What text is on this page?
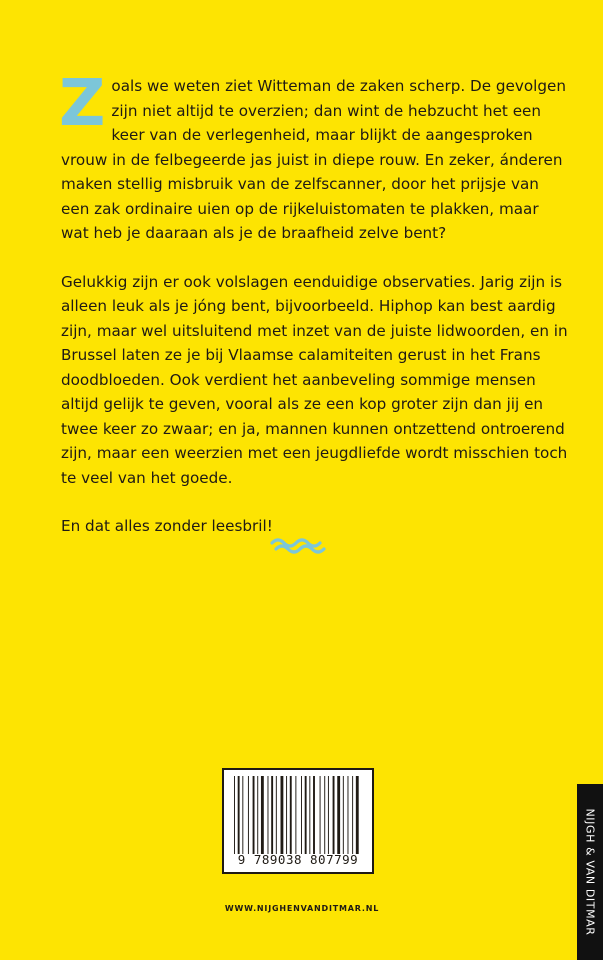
Zoals we weten ziet Witteman de zaken scherp. De gevolgen zijn niet altijd te overzien; dan wint de hebzucht het een keer van de verlegenheid, maar blijkt de aangesproken vrouw in de felbegeerde jas juist in diepe rouw. En zeker, ánderen maken stellig misbruik van de zelfscanner, door het prijsje van een zak ordinaire uien op de rijkeluistomaten te plakken, maar wat heb je daaraan als je de braafheid zelve bent?

Gelukkig zijn er ook volslagen eenduidige observaties. Jarig zijn is alleen leuk als je jóng bent, bijvoorbeeld. Hiphop kan best aardig zijn, maar wel uitsluitend met inzet van de juiste lidwoorden, en in Brussel laten ze je bij Vlaamse calamiteiten gerust in het Frans doodbloeden. Ook verdient het aanbeveling sommige mensen altijd gelijk te geven, vooral als ze een kop groter zijn dan jij en twee keer zo zwaar; en ja, mannen kunnen ontzettend ontroerend zijn, maar een weerzien met een jeugdliefde wordt misschien toch te veel van het goede.

En dat alles zonder leesbril!

9 789038 807799
WWW.NIJGHENVANDITMAR.NL	NIJGH & VAN DITMAR
